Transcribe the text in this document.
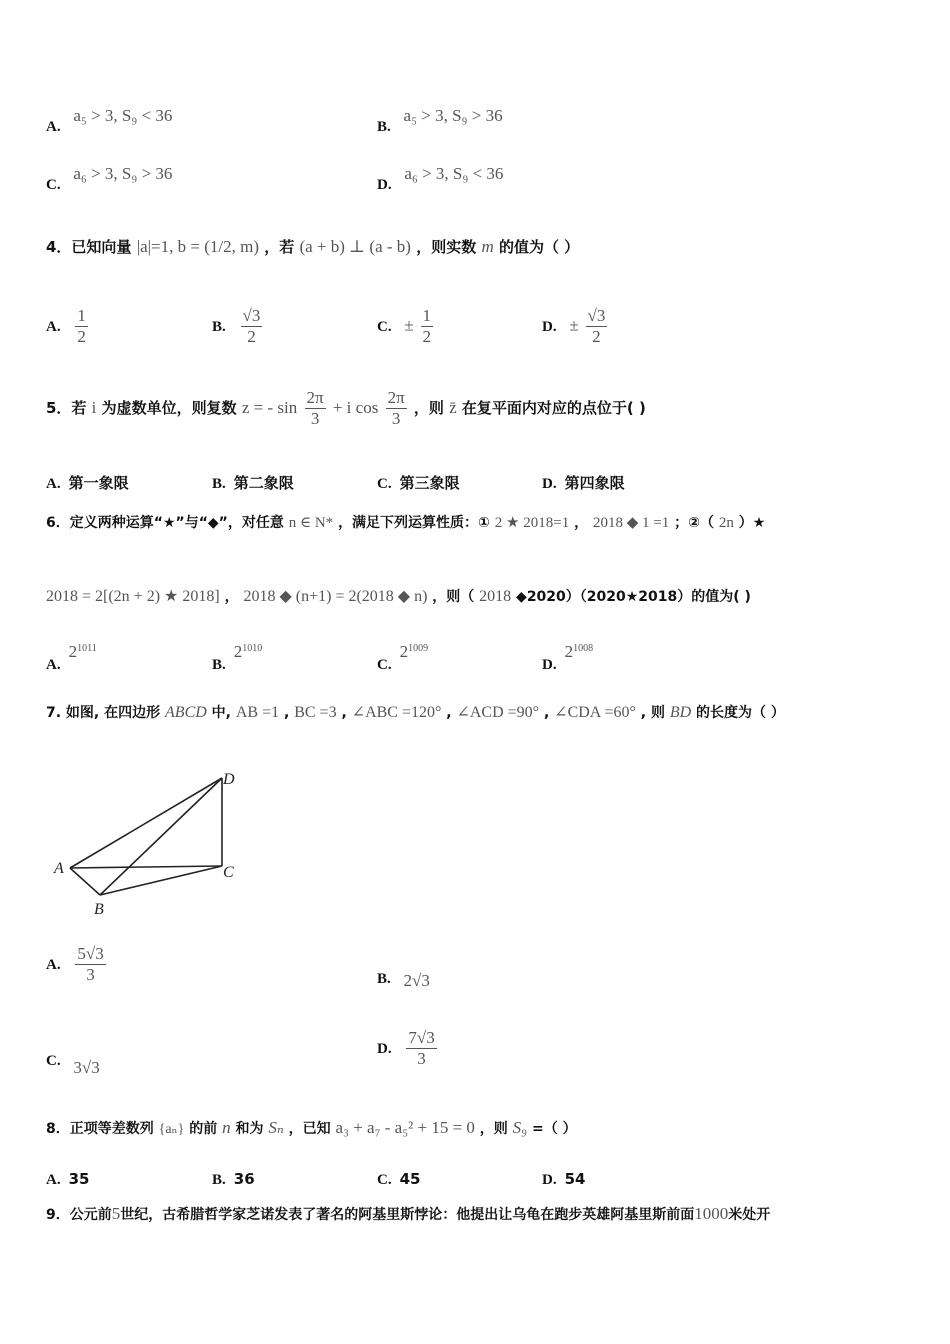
A. a₅ > 3, S₉ < 36
B. a₅ > 3, S₉ > 36
C. a₆ > 3, S₉ > 36
D. a₆ > 3, S₉ < 36
4．已知向量 |a|=1, b = (1/2, m) ，若 (a + b) ⊥ (a - b) ，则实数 m 的值为（ ）
A. $\frac{1}{2}$	B. $\frac{√3}{2}$	C. ± $\frac{1}{2}$	D. ± $\frac{√3}{2}$
5．若 i 为虚数单位，则复数 z = - $\sin \frac{2\pi}{3} + i$ $\cos \frac{2\pi}{3}$ ，则 z̄ 在复平面内对应的点位于( )
A. 第一象限	B. 第二象限	C. 第三象限	D. 第四象限
6．定义两种运算“★”与“◆”，对任意 n ∈ N* ，满足下列运算性质：① 2 ★ 2018=1 ， 2018 ◆ 1 =1 ；②（ 2n ）★
2018 = 2[(2n + 2) ★ 2018] ， 2018 ◆ (n+1) = 2(2018 ◆ n) ，则（ 2018 ◆2020）（2020★2018）的值为( )
$A.2^{1011}$
$B.2^{1010}$
$C.2^{1009}$
$D.2^{1008}$
7. 如图, 在四边形 ABCD 中, AB =1 , BC =3 , ∠ABC =120° , ∠ACD =90° , ∠CDA =60° , 则 BD 的长度为（ ）
A
B
C
D
A. $\frac{5√3}{3}$	B. 2√3
C. 3√3
D. $\frac{7√3}{3}$
8．正项等差数列 {aₙ} 的前 n 和为 Sₙ ，已知 a₃ + a₇ - a₅² + 15 = 0 ，则 S₉ =（ ）
A. 35	B. 36	C. 45	D. 54
9．公元前5世纪，古希腊哲学家芝诺发表了著名的阿基里斯悖论：他提出让乌龟在跑步英雄阿基里斯前面1000米处开
